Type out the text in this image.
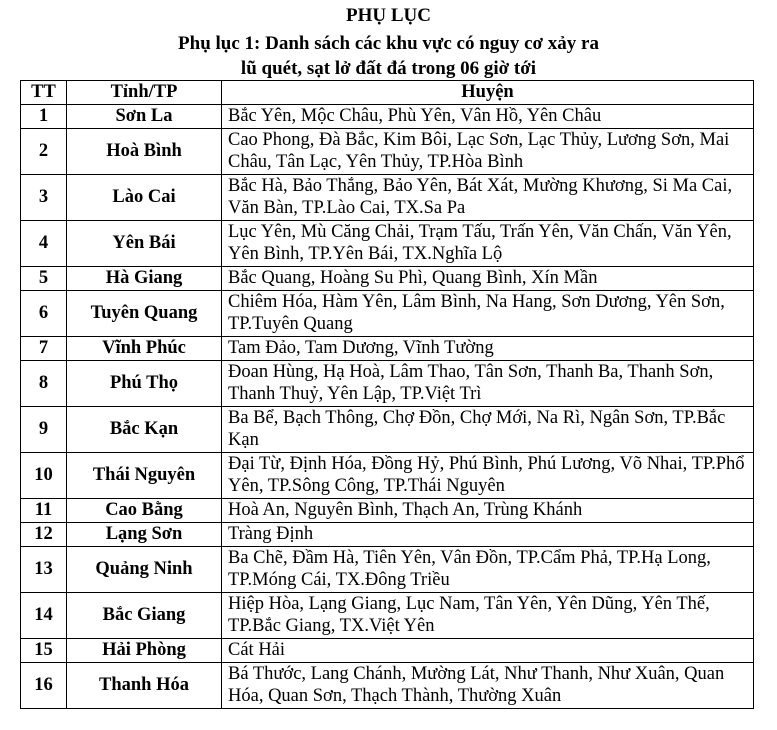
PHỤ LỤC
Phụ lục 1: Danh sách các khu vực có nguy cơ xảy ra
lũ quét, sạt lở đất đá trong 06 giờ tới
TT	Tỉnh/TP	Huyện
1	Sơn La	Bắc Yên, Mộc Châu, Phù Yên, Vân Hồ, Yên Châu
2	Hoà Bình	Cao Phong, Đà Bắc, Kim Bôi, Lạc Sơn, Lạc Thủy, Lương Sơn, Mai Châu, Tân Lạc, Yên Thủy, TP.Hòa Bình
3	Lào Cai	Bắc Hà, Bảo Thắng, Bảo Yên, Bát Xát, Mường Khương, Si Ma Cai, Văn Bàn, TP.Lào Cai, TX.Sa Pa
4	Yên Bái	Lục Yên, Mù Căng Chải, Trạm Tấu, Trấn Yên, Văn Chấn, Văn Yên, Yên Bình, TP.Yên Bái, TX.Nghĩa Lộ
5	Hà Giang	Bắc Quang, Hoàng Su Phì, Quang Bình, Xín Mần
6	Tuyên Quang	Chiêm Hóa, Hàm Yên, Lâm Bình, Na Hang, Sơn Dương, Yên Sơn, TP.Tuyên Quang
7	Vĩnh Phúc	Tam Đảo, Tam Dương, Vĩnh Tường
8	Phú Thọ	Đoan Hùng, Hạ Hoà, Lâm Thao, Tân Sơn, Thanh Ba, Thanh Sơn, Thanh Thuỷ, Yên Lập, TP.Việt Trì
9	Bắc Kạn	Ba Bể, Bạch Thông, Chợ Đồn, Chợ Mới, Na Rì, Ngân Sơn, TP.Bắc Kạn
10	Thái Nguyên	Đại Từ, Định Hóa, Đồng Hỷ, Phú Bình, Phú Lương, Võ Nhai, TP.Phổ Yên, TP.Sông Công, TP.Thái Nguyên
11	Cao Bằng	Hoà An, Nguyên Bình, Thạch An, Trùng Khánh
12	Lạng Sơn	Tràng Định
13	Quảng Ninh	Ba Chẽ, Đầm Hà, Tiên Yên, Vân Đồn, TP.Cẩm Phả, TP.Hạ Long, TP.Móng Cái, TX.Đông Triều
14	Bắc Giang	Hiệp Hòa, Lạng Giang, Lục Nam, Tân Yên, Yên Dũng, Yên Thế, TP.Bắc Giang, TX.Việt Yên
15	Hải Phòng	Cát Hải
16	Thanh Hóa	Bá Thước, Lang Chánh, Mường Lát, Như Thanh, Như Xuân, Quan Hóa, Quan Sơn, Thạch Thành, Thường Xuân
